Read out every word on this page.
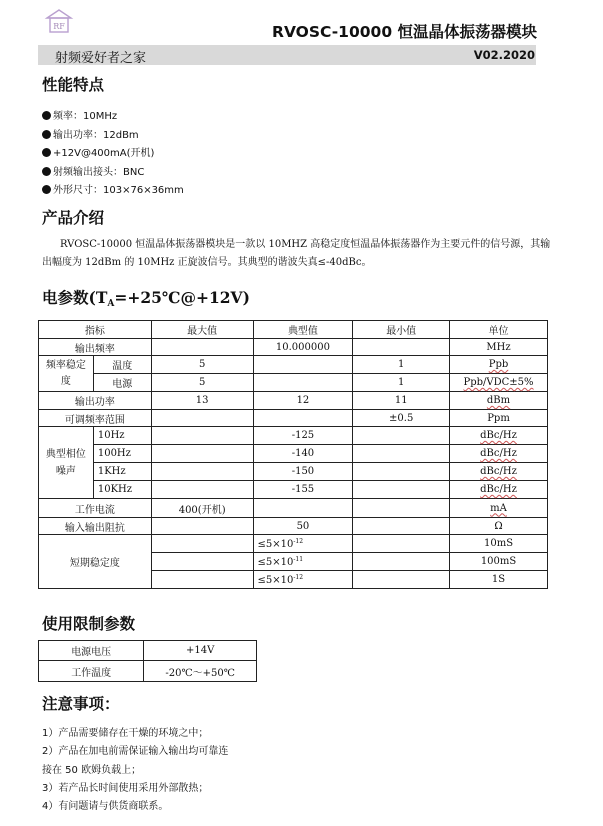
RF	RVOSC-10000 恒温晶体振荡器模块
射频爱好者之家	V02.2020
性能特点
频率：10MHz
输出功率：12dBm
+12V@400mA(开机)
射频输出接头：BNC
外形尺寸：103×76×36mm
产品介绍

RVOSC-10000 恒温晶体振荡器模块是一款以 10MHZ 高稳定度恒温晶体振荡器作为主要元件的信号源，其输出幅度为 12dBm 的 10MHz 正旋波信号。其典型的谐波失真≤-40dBc。

电参数(TA=+25℃@+12V)
指标		最大值	典型值	最小值	单位
输出频率			10.000000		MHz
频率稳定度	温度	5		1	Ppb
	电源	5		1	Ppb/VDC±5%
输出功率		13	12	11	dBm
可调频率范围				±0.5	Ppm
典型相位噪声	10Hz		-125		dBc/Hz
	100Hz		-140		dBc/Hz
	1KHz		-150		dBc/Hz
	10KHz		-155		dBc/Hz
工作电流		400(开机)			mA
输入输出阻抗			50		Ω
短期稳定度			$\le 5\times 10^{-12}$		10mS
			$\le 5\times 10^{-11}$		100mS
			$\le 5\times 10^{-12}$		1S
使用限制参数
电源电压	+14V
工作温度	-20℃～+50℃
注意事项：
1）产品需要储存在干燥的环境之中；
2）产品在加电前需保证输入输出均可靠连
接在 50 欧姆负载上；
3）若产品长时间使用采用外部散热；
4）有问题请与供货商联系。
